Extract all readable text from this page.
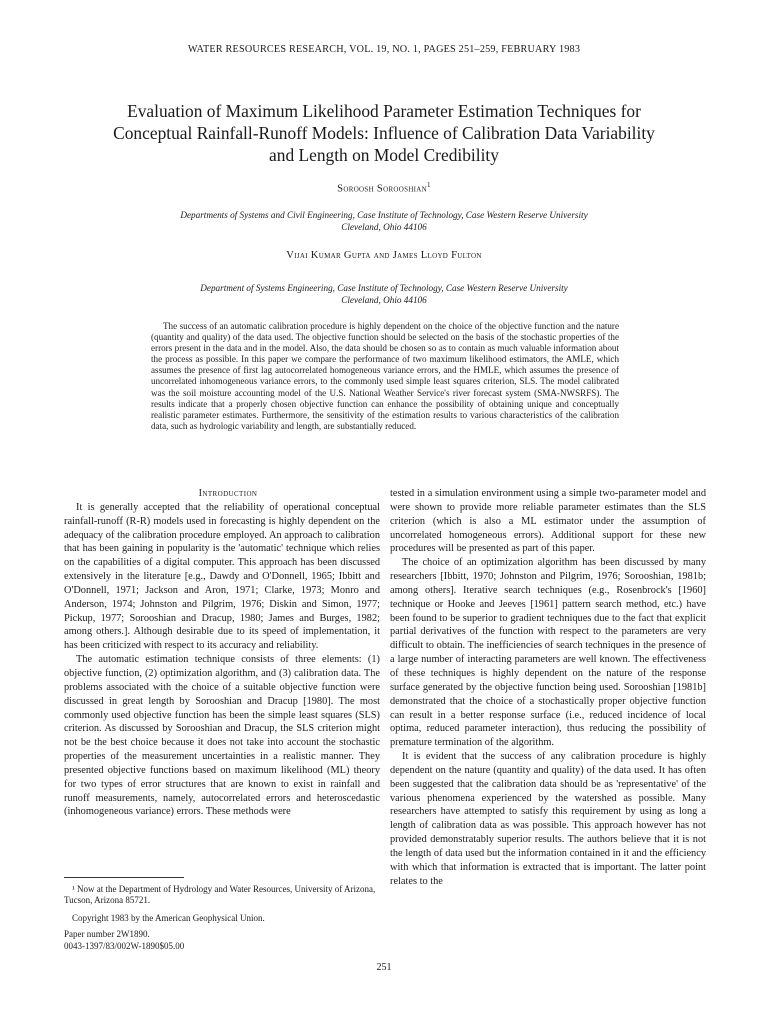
WATER RESOURCES RESEARCH, VOL. 19, NO. 1, PAGES 251–259, FEBRUARY 1983
Evaluation of Maximum Likelihood Parameter Estimation Techniques for
Conceptual Rainfall-Runoff Models: Influence of Calibration Data Variability
and Length on Model Credibility
Soroosh Sorooshian$^1$
Departments of Systems and Civil Engineering, Case Institute of Technology, Case Western Reserve University
Cleveland, Ohio 44106
Vijai Kumar Gupta and James Lloyd Fulton
Department of Systems Engineering, Case Institute of Technology, Case Western Reserve University
Cleveland, Ohio 44106

The success of an automatic calibration procedure is highly dependent on the choice of the objective function and the nature (quantity and quality) of the data used. The objective function should be selected on the basis of the stochastic properties of the errors present in the data and in the model. Also, the data should be chosen so as to contain as much valuable information about the process as possible. In this paper we compare the performance of two maximum likelihood estimators, the AMLE, which assumes the presence of first lag autocorrelated homogeneous variance errors, and the HMLE, which assumes the presence of uncorrelated inhomogeneous variance errors, to the commonly used simple least squares criterion, SLS. The model calibrated was the soil moisture accounting model of the U.S. National Weather Service's river forecast system (SMA-NWSRFS). The results indicate that a properly chosen objective function can enhance the possibility of obtaining unique and conceptually realistic parameter estimates. Furthermore, the sensitivity of the estimation results to various characteristics of the calibration data, such as hydrologic variability and length, are substantially reduced.

Introduction

It is generally accepted that the reliability of operational conceptual rainfall-runoff (R-R) models used in forecasting is highly dependent on the adequacy of the calibration procedure employed. An approach to calibration that has been gaining in popularity is the 'automatic' technique which relies on the capabilities of a digital computer. This approach has been discussed extensively in the literature [e.g., Dawdy and O'Donnell, 1965; Ibbitt and O'Donnell, 1971; Jackson and Aron, 1971; Clarke, 1973; Monro and Anderson, 1974; Johnston and Pilgrim, 1976; Diskin and Simon, 1977; Pickup, 1977; Sorooshian and Dracup, 1980; James and Burges, 1982; among others.]. Although desirable due to its speed of implementation, it has been criticized with respect to its accuracy and reliability.

The automatic estimation technique consists of three elements: (1) objective function, (2) optimization algorithm, and (3) calibration data. The problems associated with the choice of a suitable objective function were discussed in great length by Sorooshian and Dracup [1980]. The most commonly used objective function has been the simple least squares (SLS) criterion. As discussed by Sorooshian and Dracup, the SLS criterion might not be the best choice because it does not take into account the stochastic properties of the measurement uncertainties in a realistic manner. They presented objective functions based on maximum likelihood (ML) theory for two types of error structures that are known to exist in rainfall and runoff measurements, namely, autocorrelated errors and heteroscedastic (inhomogeneous variance) errors. These methods were

¹ Now at the Department of Hydrology and Water Resources, University of Arizona, Tucson, Arizona 85721.

Copyright 1983 by the American Geophysical Union.

Paper number 2W1890.

0043-1397/83/002W-1890$05.00

tested in a simulation environment using a simple two-parameter model and were shown to provide more reliable parameter estimates than the SLS criterion (which is also a ML estimator under the assumption of uncorrelated homogeneous errors). Additional support for these new procedures will be presented as part of this paper.

The choice of an optimization algorithm has been discussed by many researchers [Ibbitt, 1970; Johnston and Pilgrim, 1976; Sorooshian, 1981b; among others]. Iterative search techniques (e.g., Rosenbrock's [1960] technique or Hooke and Jeeves [1961] pattern search method, etc.) have been found to be superior to gradient techniques due to the fact that explicit partial derivatives of the function with respect to the parameters are very difficult to obtain. The inefficiencies of search techniques in the presence of a large number of interacting parameters are well known. The effectiveness of these techniques is highly dependent on the nature of the response surface generated by the objective function being used. Sorooshian [1981b] demonstrated that the choice of a stochastically proper objective function can result in a better response surface (i.e., reduced incidence of local optima, reduced parameter interaction), thus reducing the possibility of premature termination of the algorithm.

It is evident that the success of any calibration procedure is highly dependent on the nature (quantity and quality) of the data used. It has often been suggested that the calibration data should be as 'representative' of the various phenomena experienced by the watershed as possible. Many researchers have attempted to satisfy this requirement by using as long a length of calibration data as was possible. This approach however has not provided demonstratably superior results. The authors believe that it is not the length of data used but the information contained in it and the efficiency with which that information is extracted that is important. The latter point relates to the

251
